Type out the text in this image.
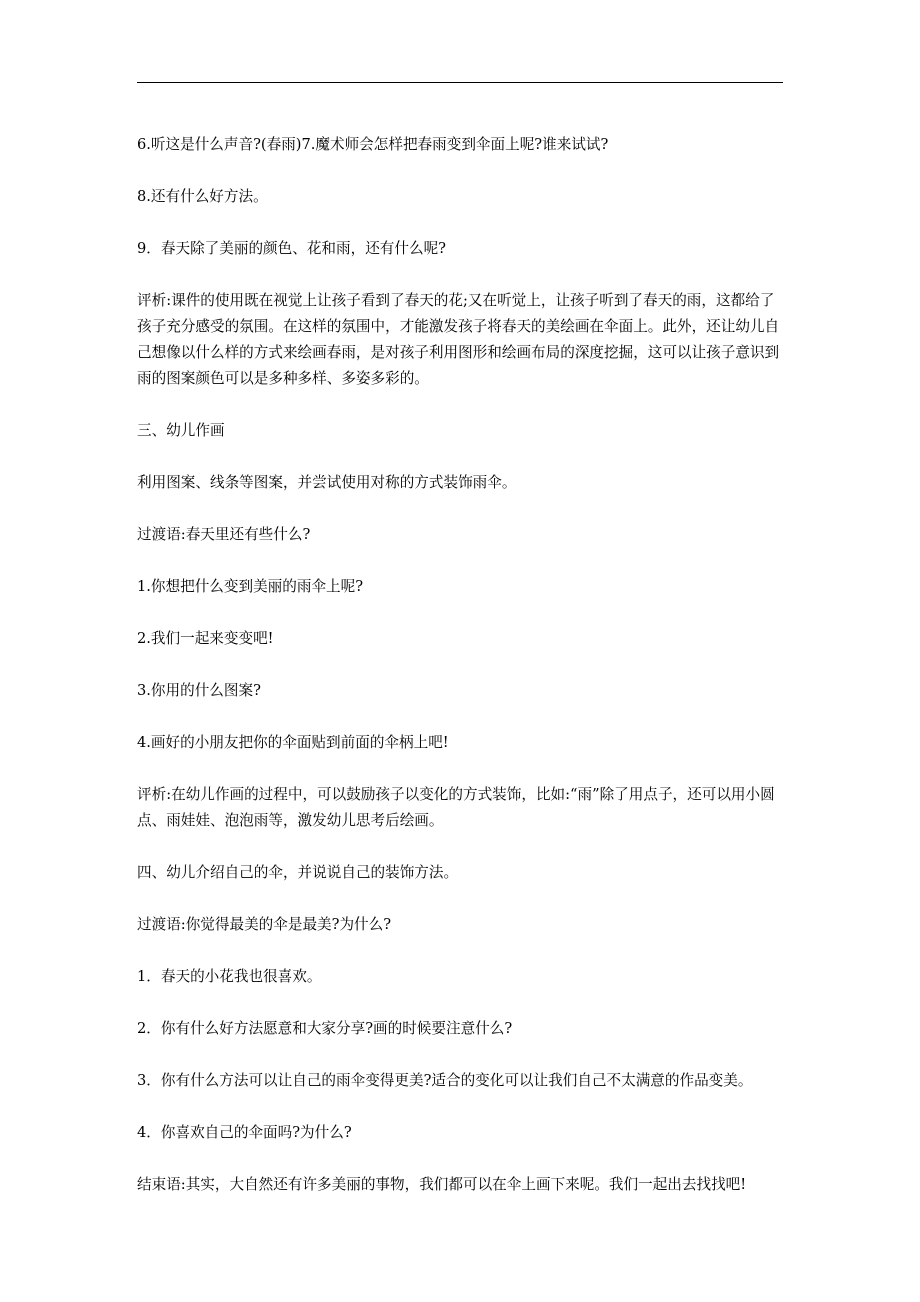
6.听这是什么声音?(春雨)7.魔术师会怎样把春雨变到伞面上呢?谁来试试?

8.还有什么好方法。

9．春天除了美丽的颜色、花和雨，还有什么呢?

评析:课件的使用既在视觉上让孩子看到了春天的花;又在听觉上，让孩子听到了春天的雨，这都给了孩子充分感受的氛围。在这样的氛围中，才能激发孩子将春天的美绘画在伞面上。此外，还让幼儿自己想像以什么样的方式来绘画春雨，是对孩子利用图形和绘画布局的深度挖掘，这可以让孩子意识到雨的图案颜色可以是多种多样、多姿多彩的。

三、幼儿作画

利用图案、线条等图案，并尝试使用对称的方式装饰雨伞。

过渡语:春天里还有些什么?

1.你想把什么变到美丽的雨伞上呢?

2.我们一起来变变吧!

3.你用的什么图案?

4.画好的小朋友把你的伞面贴到前面的伞柄上吧!

评析:在幼儿作画的过程中，可以鼓励孩子以变化的方式装饰，比如:“雨”除了用点子，还可以用小圆点、雨娃娃、泡泡雨等，激发幼儿思考后绘画。

四、幼儿介绍自己的伞，并说说自己的装饰方法。

过渡语:你觉得最美的伞是最美?为什么?

1．春天的小花我也很喜欢。

2．你有什么好方法愿意和大家分享?画的时候要注意什么?

3．你有什么方法可以让自己的雨伞变得更美?适合的变化可以让我们自己不太满意的作品变美。

4．你喜欢自己的伞面吗?为什么?

结束语:其实，大自然还有许多美丽的事物，我们都可以在伞上画下来呢。我们一起出去找找吧!
